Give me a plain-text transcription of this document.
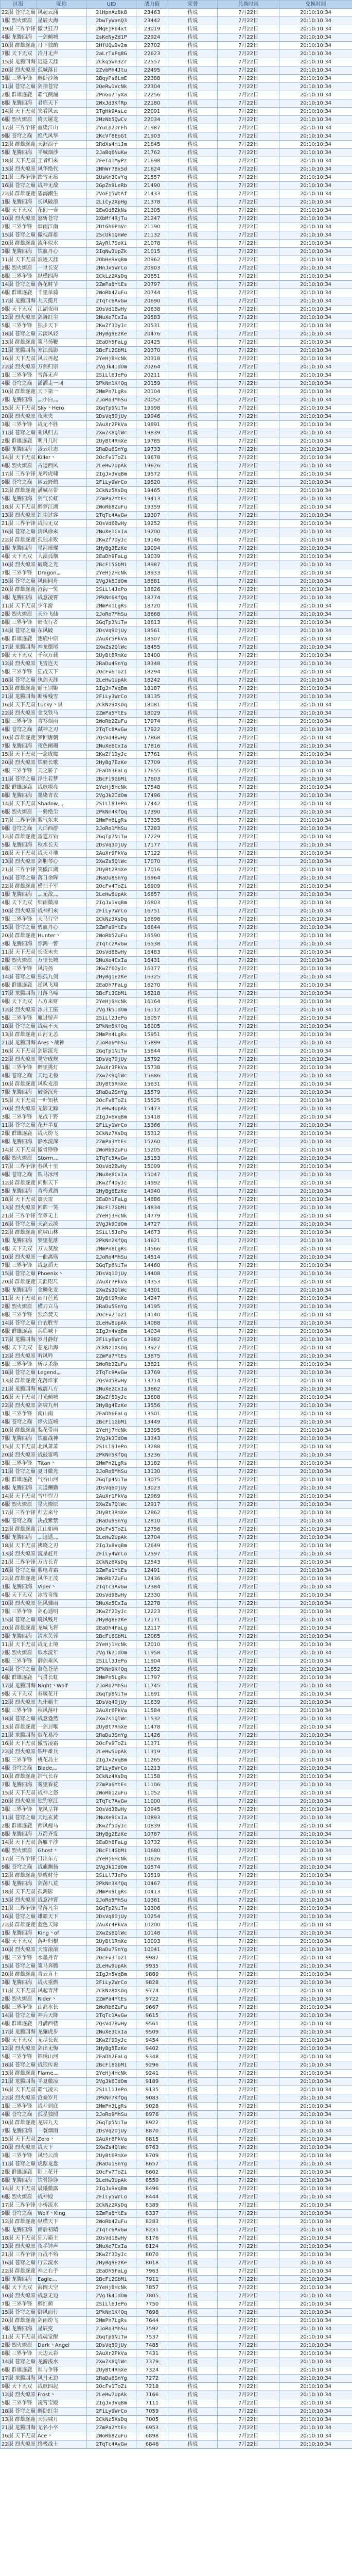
区服	昵称	UID	战力值	荣誉	兑换时间	兑换时间
22服 苍穹之巅	风起云涌	2lHpnAz8k8	23463	传说	7月22日	20:10:10:34
1服 烈火燎原	星辰大海	2bwTyWanQ3	23442	传说	7月22日	20:10:10:34
19服 三界争锋	傲世狂刀	2MqEjPb4xt	23019	传说	7月22日	20:10:10:34
4服 龙腾四海	一剑倾城	2sKeNyZd1P	22924	传说	7月22日	20:10:10:34
10服 群雄逐鹿	月下独酌	2HfUQw9v2m	22702	传说	7月22日	20:10:10:34
7服 天下无双	冷月无声	2aLrTxPq8G	22623	传说	7月22日	20:10:10:34
15服 龙腾四海	逍遥天涯	2Ckq5Wn3Zr	22557	传说	7月22日	20:10:10:34
20服 烈火燎原	孤城落日	2ZvbMh4Jtu	22495	传说	7月22日	20:10:10:34
3服 三界争锋	醉卧沙场	2BqyPs6LmE	22388	传说	7月22日	20:10:10:34
11服 苍穹之巅	剑指苍穹	2QeRw1VcNk	22304	传说	7月22日	20:10:10:34
2服 群雄逐鹿	霸气侧漏	2PnGu7TyXa	22256	传说	7月22日	20:10:10:34
8服 龙腾四海	君临天下	2WxJd3KfRp	22180	传说	7月22日	20:10:10:34
14服 天下无双	笑看风云	2TgHk9AsLe	22091	传说	7月22日	20:10:10:34
6服 烈火燎原	倚天屠龙	2MzNb5QwCv	22034	传说	7月22日	20:10:10:34
17服 三界争锋	血染江山	2YuLp2DrFh	21987	传说	7月22日	20:10:10:34
9服 苍穹之巅	绝代风华	2KcVf8EoGt	21903	传说	7月22日	20:10:10:34
12服 群雄逐鹿	天涯浪子	2RdXs4HiJm	21845	传说	7月22日	20:10:10:34
5服 龙腾四海	半城烟沙	2JaBq6NuKw	21762	传说	7月22日	20:10:10:34
18服 天下无双	王者归来	2FeTo1MyPz	21698	传说	7月22日	20:10:10:34
13服 烈火燎原	风华绝代	2NhWr7BxSd	21624	传说	7月22日	20:10:10:34
21服 三界争锋	踏雪无痕	2UsKm3CvYq	21557	传说	7月22日	20:10:10:34
16服 苍穹之巅	战神无敌	2GpZn9LeRb	21490	传说	7月22日	20:10:10:34
22服 群雄逐鹿	碧海潮生	2VoEj5WtAf	21433	传说	7月22日	20:10:10:34
1服 龙腾四海	长风破浪	2LiCy2XpHg	21378	传说	7月22日	20:10:10:34
4服 天下无双	花间一壶	2EwQd8ZkNs	21305	传说	7月22日	20:10:10:34
10服 烈火燎原	怒斩苍穹	2XbMf4RjTu	21247	传说	7月22日	20:10:10:34
7服 三界争锋	烟雨江南	2DtGh6PmVc	21190	传说	7月22日	20:10:10:34
15服 苍穹之巅	傲视群雄	2ScUk1QnWe	21132	传说	7月22日	20:10:10:34
20服 群雄逐鹿	流年似水	2AyRl7SoXi	21078	传说	7月22日	20:10:10:34
3服 龙腾四海	铁血丹心	2IqNw3UpZk	21015	传说	7月22日	20:10:10:34
11服 天下无双	浪迹天涯	2ObHe9VqBm	20962	传说	7月22日	20:10:10:34
2服 烈火燎原	一世长安	2HnJx5WrCo	20903	传说	7月22日	20:10:10:34
8服 三界争锋	纵横四海	2CkLz2XsDq	20851	传说	7月22日	20:10:10:34
14服 苍穹之巅	落花时节	2ZmPa8YtEs	20797	传说	7月22日	20:10:10:34
6服 群雄逐鹿	千里单骑	2WoRb4ZuFu	20744	传说	7月22日	20:10:10:34
17服 龙腾四海	九天揽月	2TqTc6AvGw	20690	传说	7月22日	20:10:10:34
9服 天下无双	江湖夜雨	2QsVd1BwHy	20638	传说	7月22日	20:10:10:34
12服 烈火燎原	剑舞红尘	2NuXe7CxIa	20583	传说	7月22日	20:10:10:34
5服 三界争锋	独步天下	2KwZf3DyJc	20531	传说	7月22日	20:10:10:34
18服 苍穹之巅	云淡风轻	2HyBg9EzKe	20476	传说	7月22日	20:10:10:34
13服 群雄逐鹿	策马扬鞭	2EaDh5FaLg	20425	传说	7月22日	20:10:10:34
21服 龙腾四海	寒江孤影	2BcFi2GbMi	20370	传说	7月22日	20:10:10:34
16服 天下无双	风云再起	2YeHj8HcNk	20318	传说	7月22日	20:10:10:34
22服 烈火燎原	万剑归宗	2VgJk4IdOm	20264	传说	7月22日	20:10:10:34
1服 三界争锋	雪落无声	2SiLl6JePo	20211	传说	7月22日	20:10:10:34
4服 苍穹之巅	潇洒走一回	2PkNm1KfQq	20159	传说	7月22日	20:10:10:34
10服 群雄逐鹿	天下第一	2MmPn7LgRs	20104	传说	7月22日	20:10:10:34
7服 龙腾四海	灬小白灬	2JoRo3MhSu	20052	传说	7月22日	20:10:10:34
15服 天下无双	Sky丶Hero	2GqTp9NiTw	19998	传说	7月22日	20:10:10:34
20服 烈火燎原	夜未央	2DsVq5OjUy	19946	传说	7月22日	20:10:10:34
3服 三界争锋	战无不胜	2AuXr2PkVa	19891	传说	7月22日	20:10:10:34
11服 苍穹之巅	乘风归去	2XwZs8QlWc	19839	传说	7月22日	20:10:10:34
2服 群雄逐鹿	明月几时	2UyBt4RmXe	19785	传说	7月22日	20:10:10:34
8服 龙腾四海	凌云壮志	2RaDu6SnYg	19733	传说	7月22日	20:10:10:34
14服 天下无双	Killer丶	2OcFv1ToZi	19678	传说	7月22日	20:10:10:34
6服 烈火燎原	古道西风	2LeHw7UpAk	19626	传说	7月22日	20:10:10:34
17服 三界争锋	龙吟虎啸	2IgJx3VqBm	19572	传说	7月22日	20:10:10:34
9服 苍穹之巅	闲云野鹤	2FiLy9WrCo	19520	传说	7月22日	20:10:10:34
12服 群雄逐鹿	满城尽带	2CkNz5XsDq	19465	传说	7月22日	20:10:10:34
5服 龙腾四海	剑气长虹	2ZmPa2YtEs	19413	传说	7月22日	20:10:10:34
18服 天下无双	醉梦江湖	2WoRb8ZuFu	19359	传说	7月22日	20:10:10:34
13服 烈火燎原	红尘过客	2TqTc4AvGw	19307	传说	7月22日	20:10:10:34
21服 三界争锋	战狼无双	2QsVd6BwHy	19252	传说	7月22日	20:10:10:34
16服 苍穹之巅	清风徐来	2NuXe1CxIa	19200	传说	7月22日	20:10:10:34
22服 群雄逐鹿	孤独求败	2KwZf7DyJc	19146	传说	7月22日	20:10:10:34
1服 龙腾四海	星河璀璨	2HyBg3EzKe	19094	传说	7月22日	20:10:10:34
4服 天下无双	大漠孤烟	2EaDh9FaLg	19039	传说	7月22日	20:10:10:34
10服 烈火燎原	破晓之光	2BcFi5GbMi	18987	传说	7月22日	20:10:10:34
7服 三界争锋	Dragon灬	2YeHj2HcNk	18933	传说	7月22日	20:10:10:34
15服 苍穹之巅	风雨同舟	2VgJk8IdOm	18881	传说	7月22日	20:10:10:34
20服 群雄逐鹿	沧海一笑	2SiLl4JePo	18826	传说	7月22日	20:10:10:34
3服 龙腾四海	战意凌霄	2PkNm6KfQq	18774	传说	7月22日	20:10:10:34
11服 天下无双	少年游	2MmPn1LgRs	18720	传说	7月22日	20:10:10:34
2服 烈火燎原	天外飞仙	2JoRo7MhSu	18668	传说	7月22日	20:10:10:34
8服 三界争锋	暗夜行者	2GqTp3NiTw	18613	传说	7月22日	20:10:10:34
14服 苍穹之巅	东风破	2DsVq9OjUy	18561	传说	7月22日	20:10:10:34
6服 群雄逐鹿	逐鹿中原	2AuXr5PkVa	18507	传说	7月22日	20:10:10:34
17服 龙腾四海	神龙摆尾	2XwZs2QlWc	18455	传说	7月22日	20:10:10:34
9服 天下无双	千秋万载	2UyBt8RmXe	18400	传说	7月22日	20:10:10:34
12服 烈火燎原	飞雪连天	2RaDu4SnYg	18348	传说	7月22日	20:10:10:34
5服 三界争锋	狂战天下	2OcFv6ToZi	18294	传说	7月22日	20:10:10:34
18服 苍穹之巅	执剑天涯	2LeHw1UpAk	18242	传说	7月22日	20:10:10:34
13服 群雄逐鹿	霸王别姬	2IgJx7VqBm	18187	传说	7月22日	20:10:10:34
21服 龙腾四海	断桥残雪	2FiLy3WrCo	18135	传说	7月22日	20:10:10:34
16服 天下无双	Lucky丶星	2CkNz9XsDq	18081	传说	7月22日	20:10:10:34
22服 烈火燎原	金戈铁马	2ZmPa5YtEs	18029	传说	7月22日	20:10:10:34
1服 三界争锋	青衫烟雨	2WoRb2ZuFu	17974	传说	7月22日	20:10:10:34
4服 苍穹之巅	弑神之刃	2TqTc8AvGw	17922	传说	7月22日	20:10:10:34
10服 群雄逐鹿	梦回唐朝	2QsVd4BwHy	17868	传说	7月22日	20:10:10:34
7服 龙腾四海	夜色阑珊	2NuXe6CxIa	17816	传说	7月22日	20:10:10:34
15服 天下无双	一念成魔	2KwZf1DyJc	17761	传说	7月22日	20:10:10:34
20服 烈火燎原	铁骑长歌	2HyBg7EzKe	17709	传说	7月22日	20:10:10:34
3服 三界争锋	天之骄子	2EaDh3FaLg	17655	传说	7月22日	20:10:10:34
11服 苍穹之巅	浮生若梦	2BcFi9GbMi	17603	传说	7月22日	20:10:10:34
2服 群雄逐鹿	战歌嘹亮	2YeHj5HcNk	17548	传说	7月22日	20:10:10:34
8服 龙腾四海	墨染青衣	2VgJk2IdOm	17496	传说	7月22日	20:10:10:34
14服 天下无双	Shadow灬	2SiLl8JePo	17442	传说	7月22日	20:10:10:34
6服 烈火燎原	一骑绝尘	2PkNm4KfQq	17390	传说	7月22日	20:10:10:34
17服 三界争锋	紫气东来	2MmPn6LgRs	17335	传说	7月22日	20:10:10:34
9服 苍穹之巅	大话西游	2JoRo1MhSu	17283	传说	7月22日	20:10:10:34
12服 群雄逐鹿	雷霆万钧	2GqTp7NiTw	17229	传说	7月22日	20:10:10:34
5服 龙腾四海	秋水长天	2DsVq3OjUy	17177	传说	7月22日	20:10:10:34
18服 天下无双	战天斗地	2AuXr9PkVa	17122	传说	7月22日	20:10:10:34
13服 烈火燎原	剑胆琴心	2XwZs5QlWc	17070	传说	7月22日	20:10:10:34
21服 三界争锋	笑傲江湖	2UyBt2RmXe	17016	传说	7月22日	20:10:10:34
16服 苍穹之巅	落日余晖	2RaDu8SnYg	16964	传说	7月22日	20:10:10:34
22服 群雄逐鹿	横扫千军	2OcFv4ToZi	16909	传说	7月22日	20:10:10:34
1服 龙腾四海	灬无敌灬	2LeHw6UpAk	16857	传说	7月22日	20:10:10:34
4服 天下无双	细雨微凉	2IgJx1VqBm	16803	传说	7月22日	20:10:10:34
10服 烈火燎原	战神归来	2FiLy7WrCo	16751	传说	7月22日	20:10:10:34
7服 三界争锋	天马行空	2CkNz3XsDq	16696	传说	7月22日	20:10:10:34
15服 苍穹之巅	碧血丹心	2ZmPa9YtEs	16644	传说	7月22日	20:10:10:34
20服 群雄逐鹿	Hunter丶	2WoRb5ZuFu	16590	传说	7月22日	20:10:10:34
3服 龙腾四海	惊鸿一瞥	2TqTc2AvGw	16538	传说	7月22日	20:10:10:34
11服 天下无双	长夜未央	2QsVd8BwHy	16483	传说	7月22日	20:10:10:34
2服 烈火燎原	万里长城	2NuXe4CxIa	16431	传说	7月22日	20:10:10:34
8服 三界争锋	风清扬	2KwZf6DyJc	16377	传说	7月22日	20:10:10:34
14服 苍穹之巅	独孤九剑	2HyBg1EzKe	16325	传说	7月22日	20:10:10:34
6服 群雄逐鹿	逆风飞翔	2EaDh7FaLg	16270	传说	7月22日	20:10:10:34
17服 龙腾四海	月落乌啼	2BcFi3GbMi	16218	传说	7月22日	20:10:10:34
9服 天下无双	八方来财	2YeHj9HcNk	16164	传说	7月22日	20:10:10:34
12服 烈火燎原	冰封王座	2VgJk5IdOm	16112	传说	7月22日	20:10:10:34
5服 三界争锋	雁过留声	2SiLl2JePo	16057	传说	7月22日	20:10:10:34
18服 苍穹之巅	战魂不灭	2PkNm8KfQq	16005	传说	7月22日	20:10:10:34
13服 群雄逐鹿	山河无恙	2MmPn4LgRs	15951	传说	7月22日	20:10:10:34
21服 龙腾四海	Ares丶战神	2JoRo6MhSu	15899	传说	7月22日	20:10:10:34
16服 天下无双	剑影流光	2GqTp1NiTw	15844	传说	7月22日	20:10:10:34
22服 烈火燎原	墨守成规	2DsVq7OjUy	15792	传说	7月22日	20:10:10:34
1服 三界争锋	醉里挑灯	2AuXr3PkVa	15738	传说	7月22日	20:10:10:34
4服 苍穹之巅	天地无极	2XwZs9QlWc	15686	传说	7月22日	20:10:10:34
10服 群雄逐鹿	风吹麦浪	2UyBt5RmXe	15631	传说	7月22日	20:10:10:34
7服 龙腾四海	破釜沉舟	2RaDu2SnYg	15579	传说	7月22日	20:10:10:34
15服 天下无双	一叶知秋	2OcFv8ToZi	15525	传说	7月22日	20:10:10:34
20服 烈火燎原	无影无踪	2LeHw4UpAk	15473	传说	7月22日	20:10:10:34
3服 三界争锋	龙战于野	2IgJx6VqBm	15418	传说	7月22日	20:10:10:34
11服 苍穹之巅	花开半夏	2FiLy1WrCo	15366	传说	7月22日	20:10:10:34
2服 群雄逐鹿	战火纷飞	2CkNz7XsDq	15312	传说	7月22日	20:10:10:34
8服 龙腾四海	静水流深	2ZmPa3YtEs	15260	传说	7月22日	20:10:10:34
14服 天下无双	傲骨铮铮	2WoRb9ZuFu	15205	传说	7月22日	20:10:10:34
6服 烈火燎原	Storm灬	2TqTc5AvGw	15153	传说	7月22日	20:10:10:34
17服 三界争锋	春风十里	2QsVd2BwHy	15099	传说	7月22日	20:10:10:34
9服 苍穹之巅	铁马冰河	2NuXe8CxIa	15047	传说	7月22日	20:10:10:34
12服 群雄逐鹿	问鼎天下	2KwZf4DyJc	14992	传说	7月22日	20:10:10:34
5服 龙腾四海	青梅煮酒	2HyBg6EzKe	14940	传说	7月22日	20:10:10:34
18服 天下无双	震天雷	2EaDh1FaLg	14886	传说	7月22日	20:10:10:34
13服 烈火燎原	回眸一笑	2BcFi7GbMi	14834	传说	7月22日	20:10:10:34
21服 三界争锋	至尊无上	2YeHj3HcNk	14779	传说	7月22日	20:10:10:34
16服 苍穹之巅	天高云淡	2VgJk9IdOm	14727	传说	7月22日	20:10:10:34
22服 群雄逐鹿	虎啸山林	2SiLl5JePo	14673	传说	7月22日	20:10:10:34
1服 龙腾四海	梦里花落	2PkNm2KfQq	14621	传说	7月22日	20:10:10:34
4服 天下无双	万夫莫敌	2MmPn8LgRs	14566	传说	7月22日	20:10:10:34
10服 烈火燎原	一曲离殇	2JoRo4MhSu	14514	传说	7月22日	20:10:10:34
7服 三界争锋	战意滔天	2GqTp6NiTw	14460	传说	7月22日	20:10:10:34
15服 苍穹之巅	Phoenix丶	2DsVq1OjUy	14408	传说	7月22日	20:10:10:34
20服 群雄逐鹿	天涯咫尺	2AuXr7PkVa	14353	传说	7月22日	20:10:10:34
3服 龙腾四海	金鳞化龙	2XwZs3QlWc	14301	传说	7月22日	20:10:10:34
11服 天下无双	雨打芭蕉	2UyBt9RmXe	14247	传说	7月22日	20:10:10:34
2服 烈火燎原	横刀立马	2RaDu5SnYg	14195	传说	7月22日	20:10:10:34
8服 三界争锋	烈焰焚天	2OcFv2ToZi	14140	传说	7月22日	20:10:10:34
14服 苍穹之巅	白衣胜雪	2LeHw8UpAk	14088	传说	7月22日	20:10:10:34
6服 群雄逐鹿	兵临城下	2IgJx4VqBm	14034	传说	7月22日	20:10:10:34
17服 龙腾四海	岁月静好	2FiLy6WrCo	13982	传说	7月22日	20:10:10:34
9服 天下无双	苍龙出海	2CkNz1XsDq	13927	传说	7月22日	20:10:10:34
12服 烈火燎原	听风吟	2ZmPa7YtEs	13875	传说	7月22日	20:10:10:34
5服 三界争锋	斩尽杀绝	2WoRb3ZuFu	13821	传说	7月22日	20:10:10:34
18服 苍穹之巅	Legend灬	2TqTc9AvGw	13769	传说	7月22日	20:10:10:34
13服 群雄逐鹿	花落谁家	2QsVd5BwHy	13714	传说	7月22日	20:10:10:34
21服 龙腾四海	威震八方	2NuXe2CxIa	13662	传说	7月22日	20:10:10:34
16服 天下无双	月光倾城	2KwZf8DyJc	13608	传说	7月22日	20:10:10:34
22服 烈火燎原	剑啸九州	2HyBg4EzKe	13556	传说	7月22日	20:10:10:34
1服 三界争锋	南山南	2EaDh6FaLg	13501	传说	7月22日	20:10:10:34
4服 苍穹之巅	烽火连城	2BcFi1GbMi	13449	传说	7月22日	20:10:10:34
10服 群雄逐鹿	梨花带雨	2YeHj7HcNk	13395	传说	7月22日	20:10:10:34
7服 龙腾四海	铁血战神	2VgJk3IdOm	13343	传说	7月22日	20:10:10:34
15服 天下无双	北风萧萧	2SiLl9JePo	13288	传说	7月22日	20:10:10:34
20服 烈火燎原	战鼓雷鸣	2PkNm5KfQq	13236	传说	7月22日	20:10:10:34
3服 三界争锋	Titan丶	2MmPn2LgRs	13182	传说	7月22日	20:10:10:34
11服 苍穹之巅	夏日微光	2JoRo8MhSu	13130	传说	7月22日	20:10:10:34
2服 群雄逐鹿	气吞山河	2GqTp4NiTw	13075	传说	7月22日	20:10:10:34
8服 龙腾四海	天道酬勤	2DsVq6OjUy	13023	传说	7月22日	20:10:10:34
14服 天下无双	雪中悍刀	2AuXr1PkVa	12969	传说	7月22日	20:10:10:34
6服 烈火燎原	星火燎原	2XwZs7QlWc	12917	传说	7月22日	20:10:10:34
17服 三界争锋	归去来兮	2UyBt3RmXe	12862	传说	7月22日	20:10:10:34
9服 苍穹之巅	决战紫禁	2RaDu9SnYg	12810	传说	7月22日	20:10:10:34
12服 群雄逐鹿	江山如画	2OcFv5ToZi	12756	传说	7月22日	20:10:10:34
5服 龙腾四海	灬逍遥灬	2LeHw2UpAk	12704	传说	7月22日	20:10:10:34
18服 天下无双	拂晓之刃	2IgJx8VqBm	12649	传说	7月22日	20:10:10:34
13服 烈火燎原	流星赶月	2FiLy4WrCo	12597	传说	7月22日	20:10:10:34
21服 三界争锋	万古长青	2CkNz6XsDq	12543	传说	7月22日	20:10:10:34
16服 苍穹之巅	紫电青霜	2ZmPa1YtEs	12491	传说	7月22日	20:10:10:34
22服 群雄逐鹿	风华正茂	2WoRb7ZuFu	12436	传说	7月22日	20:10:10:34
1服 龙腾四海	Viper丶	2TqTc3AvGw	12384	传说	7月22日	20:10:10:34
4服 天下无双	冰雪奇缘	2QsVd9BwHy	12330	传说	7月22日	20:10:10:34
10服 烈火燎原	狂风骤雨	2NuXe5CxIa	12278	传说	7月22日	20:10:10:34
7服 三界争锋	剑心通明	2KwZf2DyJc	12223	传说	7月22日	20:10:10:34
15服 苍穹之巅	晓风残月	2HyBg8EzKe	12171	传说	7月22日	20:10:10:34
20服 群雄逐鹿	龙城飞将	2EaDh4FaLg	12117	传说	7月22日	20:10:10:34
3服 龙腾四海	清水芙蓉	2BcFi6GbMi	12065	传说	7月22日	20:10:10:34
11服 天下无双	战无止境	2YeHj1HcNk	12010	传说	7月22日	20:10:10:34
2服 烈火燎原	似水流年	2VgJk7IdOm	11958	传说	7月22日	20:10:10:34
8服 三界争锋	御剑乘风	2SiLl3JePo	11904	传说	7月22日	20:10:10:34
14服 苍穹之巅	暮色苍茫	2PkNm9KfQq	11852	传说	7月22日	20:10:10:34
6服 群雄逐鹿	气贯长虹	2MmPn5LgRs	11797	传说	7月22日	20:10:10:34
17服 龙腾四海	Night丶Wolf	2JoRo2MhSu	11745	传说	7月22日	20:10:10:34
9服 天下无双	春暖花开	2GqTp8NiTw	11691	传说	7月22日	20:10:10:34
12服 烈火燎原	九州霸主	2DsVq4OjUy	11639	传说	7月22日	20:10:10:34
5服 三界争锋	秋风落叶	2AuXr6PkVa	11584	传说	7月22日	20:10:10:34
18服 苍穹之巅	战意盎然	2XwZs1QlWc	11532	传说	7月22日	20:10:10:34
13服 群雄逐鹿	一剑封喉	2UyBt7RmXe	11478	传说	7月22日	20:10:10:34
21服 龙腾四海	烟花易冷	2RaDu3SnYg	11426	传说	7月22日	20:10:10:34
16服 天下无双	傲雪凌霜	2OcFv9ToZi	11371	传说	7月22日	20:10:10:34
22服 烈火燎原	铁甲雄兵	2LeHw5UpAk	11319	传说	7月22日	20:10:10:34
1服 三界争锋	桃花岛主	2IgJx2VqBm	11265	传说	7月22日	20:10:10:34
4服 苍穹之巅	Blade灬	2FiLy8WrCo	11213	传说	7月22日	20:10:10:34
10服 群雄逐鹿	浩气长存	2CkNz4XsDq	11158	传说	7月22日	20:10:10:34
7服 龙腾四海	雾里看花	2ZmPa6YtEs	11106	传说	7月22日	20:10:10:34
15服 天下无双	战神之怒	2WoRb1ZuFu	11052	传说	7月22日	20:10:10:34
20服 烈火燎原	独钓寒江	2TqTc7AvGw	11000	传说	7月22日	20:10:10:34
3服 三界争锋	龙凤呈祥	2QsVd3BwHy	10945	传说	7月22日	20:10:10:34
11服 苍穹之巅	天地玄黄	2NuXe9CxIa	10893	传说	7月22日	20:10:10:34
2服 群雄逐鹿	西风瘦马	2KwZf5DyJc	10839	传说	7月22日	20:10:10:34
8服 龙腾四海	万箭齐发	2HyBg2EzKe	10787	传说	7月22日	20:10:10:34
14服 天下无双	落雁平沙	2EaDh8FaLg	10732	传说	7月22日	20:10:10:34
6服 烈火燎原	Ghost丶	2BcFi4GbMi	10680	传说	7月22日	20:10:10:34
17服 三界争锋	日出东方	2YeHj6HcNk	10626	传说	7月22日	20:10:10:34
9服 苍穹之巅	战旗飘扬	2VgJk1IdOm	10574	传说	7月22日	20:10:10:34
12服 群雄逐鹿	梦醒时分	2SiLl7JePo	10519	传说	7月22日	20:10:10:34
5服 龙腾四海	剑荡八荒	2PkNm3KfQq	10467	传说	7月22日	20:10:10:34
18服 天下无双	孤鸿影	2MmPn9LgRs	10413	传说	7月22日	20:10:10:34
13服 烈火燎原	战意冲霄	2JoRo5MhSu	10361	传说	7月22日	20:10:10:34
21服 三界争锋	星落凡尘	2GqTp2NiTw	10306	传说	7月22日	20:10:10:34
16服 苍穹之巅	雄霸天下	2DsVq8OjUy	10254	传说	7月22日	20:10:10:34
22服 群雄逐鹿	蓝色天际	2AuXr4PkVa	10200	传说	7月22日	20:10:10:34
1服 龙腾四海	King丶of	2XwZs6QlWc	10148	传说	7月22日	20:10:10:34
4服 天下无双	落叶归根	2UyBt1RmXe	10093	传说	7月22日	20:10:10:34
10服 烈火燎原	天雷滚滚	2RaDu7SnYg	10041	传说	7月22日	20:10:10:34
7服 三界争锋	水墨丹青	2OcFv3ToZi	9987	传说	7月22日	20:10:10:34
15服 苍穹之巅	策马奔腾	2LeHw9UpAk	9935	传说	7月22日	20:10:10:34
20服 群雄逐鹿	青云直上	2IgJx5VqBm	9880	传说	7月22日	20:10:10:34
3服 龙腾四海	战火重燃	2FiLy2WrCo	9828	传说	7月22日	20:10:10:34
11服 天下无双	风起青萍	2CkNz8XsDq	9774	传说	7月22日	20:10:10:34
2服 烈火燎原	Rider丶	2ZmPa4YtEs	9722	传说	7月22日	20:10:10:34
8服 三界争锋	山高水长	2WoRb6ZuFu	9667	传说	7月22日	20:10:10:34
14服 苍穹之巅	神兵天降	2TqTc1AvGw	9615	传说	7月22日	20:10:10:34
6服 群雄逐鹿	月满西楼	2QsVd7BwHy	9561	传说	7月22日	20:10:10:34
17服 龙腾四海	龙骧虎步	2NuXe3CxIa	9509	传说	7月22日	20:10:10:34
9服 天下无双	无尽长夜	2KwZf9DyJc	9454	传说	7月22日	20:10:10:34
12服 烈火燎原	剑出无悔	2HyBg5EzKe	9402	传说	7月22日	20:10:10:34
5服 三界争锋	锦绣山河	2EaDh2FaLg	9348	传说	7月22日	20:10:10:34
18服 苍穹之巅	战狼传说	2BcFi8GbMi	9296	传说	7月22日	20:10:10:34
13服 群雄逐鹿	Flame灬	2YeHj4HcNk	9241	传说	7月22日	20:10:10:34
21服 龙腾四海	半夏微凉	2VgJk6IdOm	9189	传说	7月22日	20:10:10:34
16服 天下无双	霸气凌云	2SiLl1JePo	9135	传说	7月22日	20:10:10:34
22服 烈火燎原	沧桑岁月	2PkNm7KfQq	9083	传说	7月22日	20:10:10:34
1服 三界争锋	战斗到底	2MmPn3LgRs	9028	传说	7月22日	20:10:10:34
4服 苍穹之巅	孤星独照	2JoRo9MhSu	8976	传说	7月22日	20:10:10:34
10服 群雄逐鹿	龙啸九天	2GqTp5NiTw	8922	传说	7月22日	20:10:10:34
7服 龙腾四海	一蓑烟雨	2DsVq2OjUy	8870	传说	7月22日	20:10:10:34
15服 天下无双	Zero丶	2AuXr8PkVa	8815	传说	7月22日	20:10:10:34
20服 烈火燎原	战天下	2XwZs4QlWc	8763	传说	7月22日	20:10:10:34
3服 三界争锋	风轻云淡	2UyBt6RmXe	8709	传说	7月22日	20:10:10:34
11服 苍穹之巅	虎踞龙盘	2RaDu1SnYg	8657	传说	7月22日	20:10:10:34
2服 群雄逐鹿	陌上花开	2OcFv7ToZi	8602	传说	7月22日	20:10:10:34
8服 龙腾四海	铁骨铮铮	2LeHw3UpAk	8550	传说	7月22日	20:10:10:34
14服 天下无双	晨曦微露	2IgJx9VqBm	8496	传说	7月22日	20:10:10:34
6服 烈火燎原	战神殿	2FiLy5WrCo	8444	传说	7月22日	20:10:10:34
17服 三界争锋	小桥流水	2CkNz2XsDq	8389	传说	7月22日	20:10:10:34
9服 苍穹之巅	Wolf丶King	2ZmPa8YtEs	8337	传说	7月22日	20:10:10:34
12服 群雄逐鹿	纵横天下	2WoRb4ZuFu	8283	传说	7月22日	20:10:10:34
5服 龙腾四海	雨后初晴	2TqTc6AvGw	8231	传说	7月22日	20:10:10:34
18服 天下无双	狂刀霸主	2QsVd1BwHy	8176	传说	7月22日	20:10:10:34
13服 烈火燎原	夜半钟声	2NuXe7CxIa	8124	传说	7月22日	20:10:10:34
21服 三界争锋	百战不殆	2KwZf3DyJc	8070	传说	7月22日	20:10:10:34
16服 苍穹之巅	行云流水	2HyBg9EzKe	8018	传说	7月22日	20:10:10:34
22服 群雄逐鹿	神之右手	2EaDh5FaLg	7963	传说	7月22日	20:10:10:34
1服 龙腾四海	Eagle灬	2BcFi2GbMi	7911	传说	7月22日	20:10:10:34
4服 天下无双	海阔天空	2YeHj8HcNk	7857	传说	7月22日	20:10:10:34
10服 烈火燎原	战意无边	2VgJk4IdOm	7805	传说	7月22日	20:10:10:34
7服 三界争锋	醉红颜	2SiLl6JePo	7750	传说	7月22日	20:10:10:34
15服 苍穹之巅	御风而行	2PkNm1KfQq	7698	传说	7月22日	20:10:10:34
20服 群雄逐鹿	剑雨纷飞	2MmPn7LgRs	7644	传说	7月22日	20:10:10:34
3服 龙腾四海	星辰变	2JoRo3MhSu	7592	传说	7月22日	20:10:10:34
11服 天下无双	战魂觉醒	2GqTp9NiTw	7537	传说	7月22日	20:10:10:34
2服 烈火燎原	Dark丶Angel	2DsVq5OjUy	7485	传说	7月22日	20:10:10:34
8服 三界争锋	天边云彩	2AuXr2PkVa	7431	传说	7月22日	20:10:10:34
14服 苍穹之巅	龙游浅水	2XwZs8QlWc	7379	传说	7月22日	20:10:10:34
6服 群雄逐鹿	谁与争锋	2UyBt4RmXe	7324	传说	7月22日	20:10:10:34
17服 龙腾四海	风月无边	2RaDu6SnYg	7272	传说	7月22日	20:10:10:34
9服 天下无双	战歌四起	2OcFv1ToZi	7218	传说	7月22日	20:10:10:34
12服 烈火燎原	Frost丶	2LeHw7UpAk	7166	传说	7月22日	20:10:10:34
5服 三界争锋	凌霄宝殿	2IgJx3VqBm	7111	传说	7月22日	20:10:10:34
18服 苍穹之巅	醉卧红尘	2FiLy9WrCo	7059	传说	7月22日	20:10:10:34
13服 群雄逐鹿	天狼啸月	2CkNz5XsDq	7005	传说	7月22日	20:10:10:34
21服 龙腾四海	无名小卒	2ZmPa2YtEs	6953	传说	7月22日	20:10:10:34
16服 天下无双	Ace丶	2WoRb8ZuFu	6898	传说	7月22日	20:10:10:34
22服 烈火燎原	终极战士	2TqTc4AvGw	6846	传说	7月22日	20:10:10:34
